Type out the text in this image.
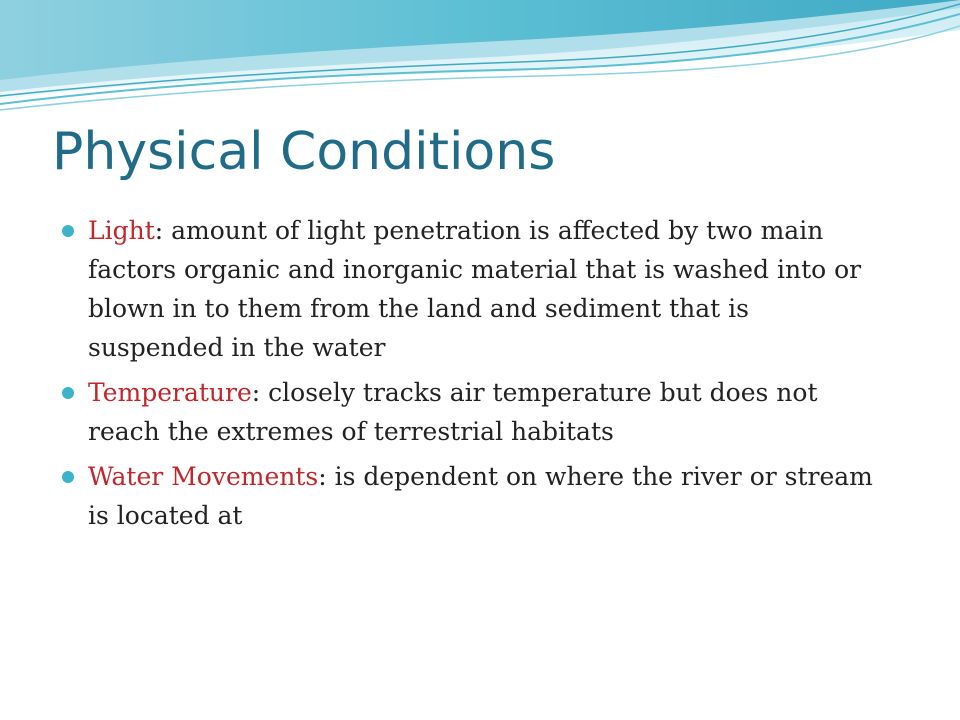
Physical Conditions
Light: amount of light penetration is affected by two main factors organic and inorganic material that is washed into or blown in to them from the land and sediment that is suspended in the water
Temperature: closely tracks air temperature but does not reach the extremes of terrestrial habitats
Water Movements: is dependent on where the river or stream is located at
